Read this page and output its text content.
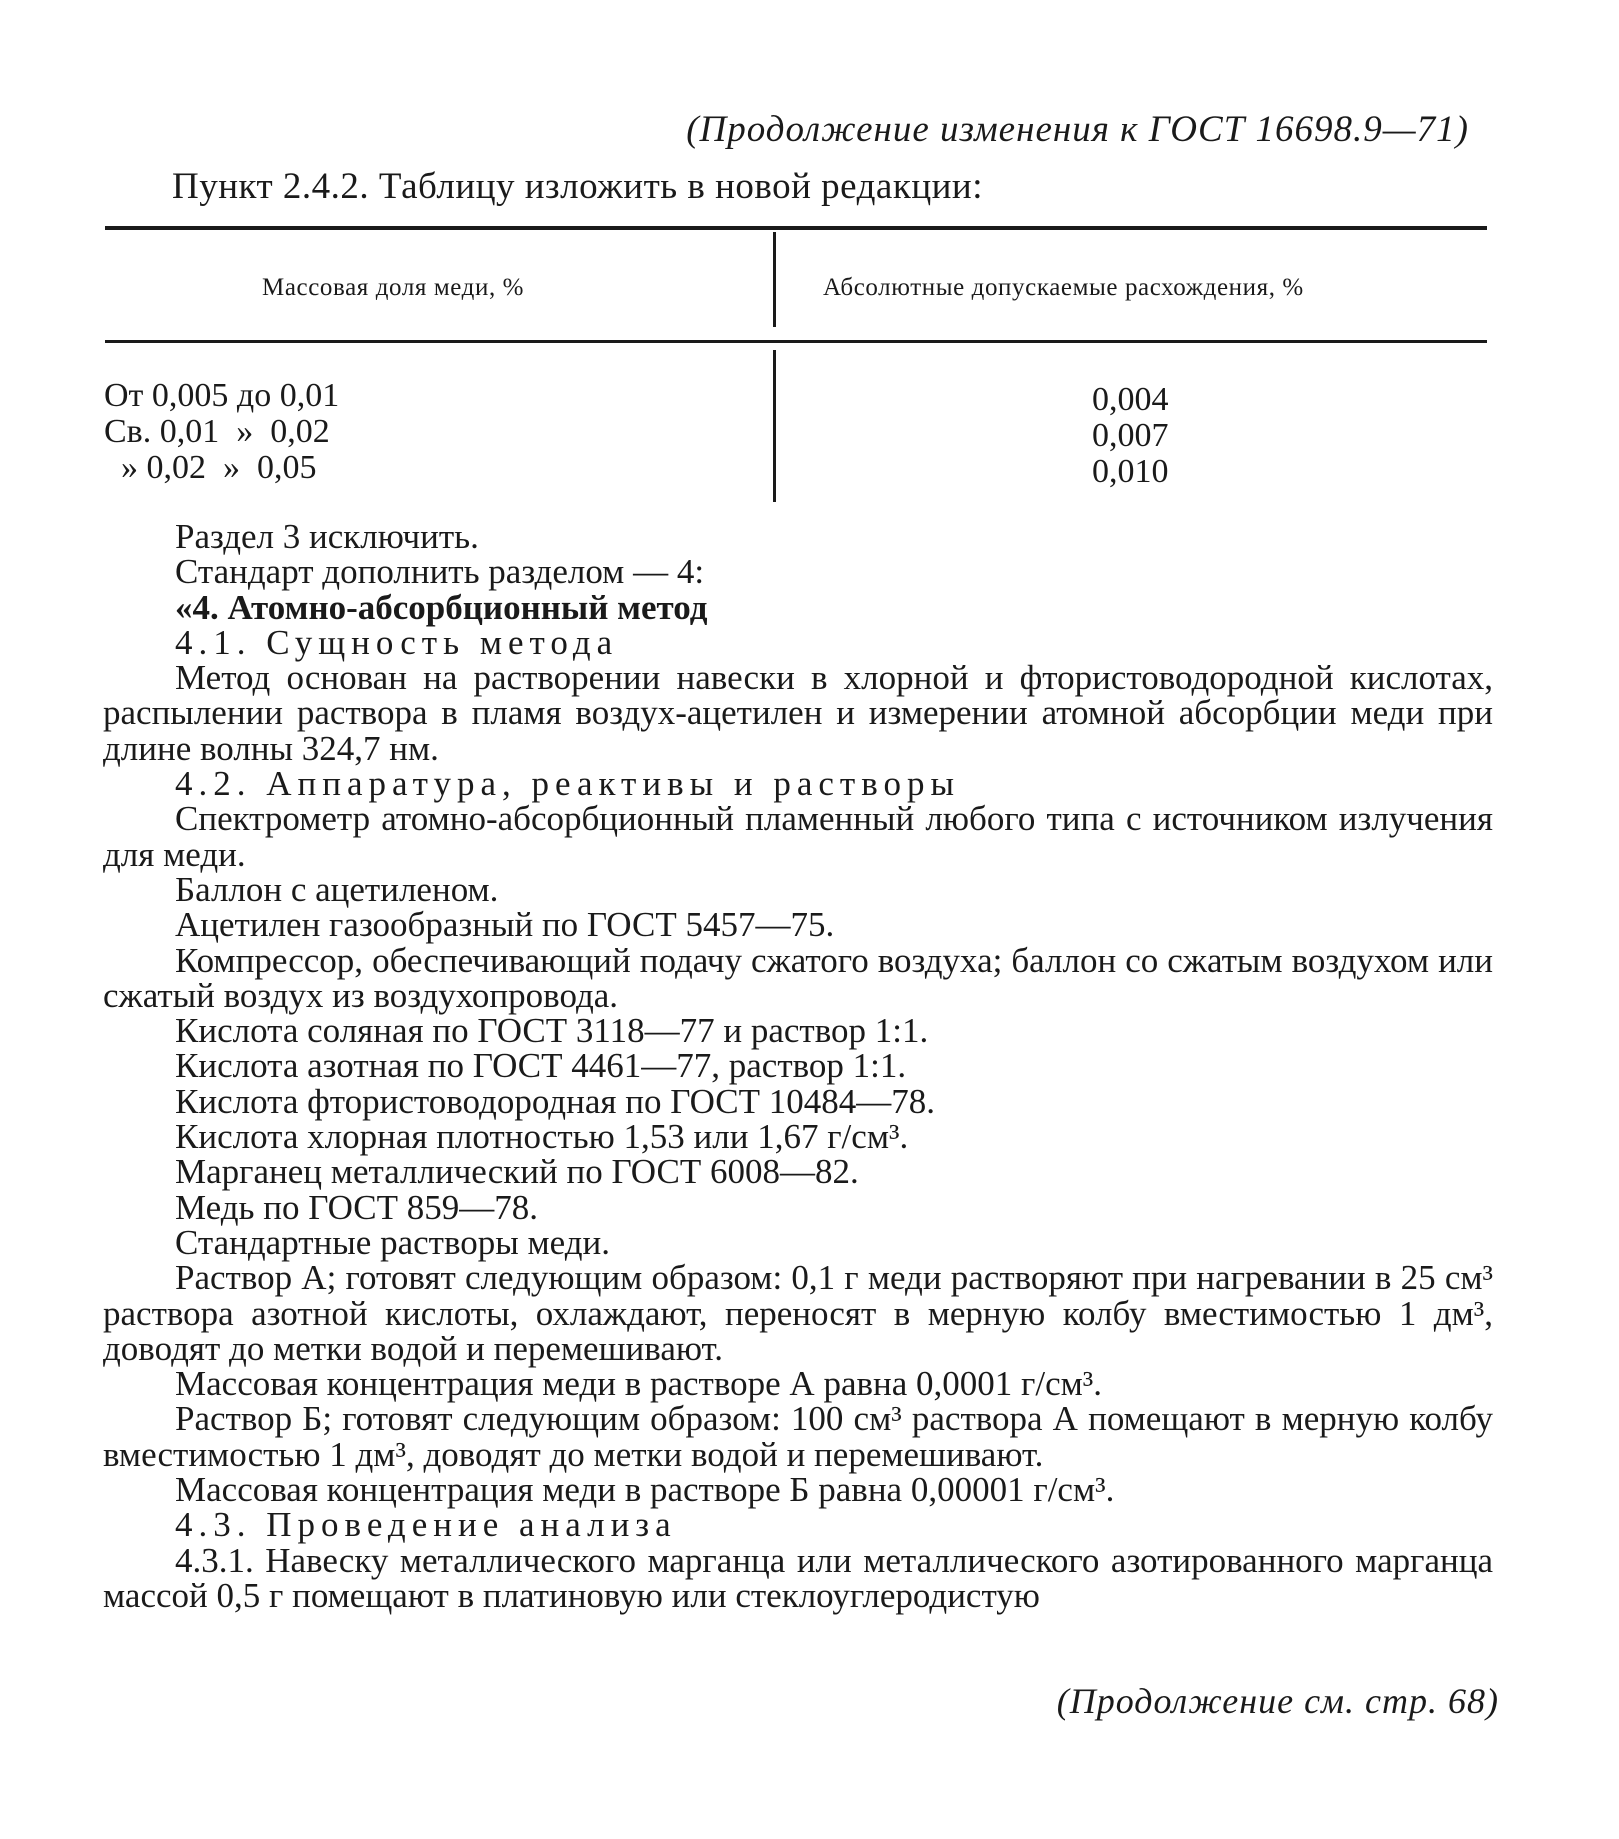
(Продолжение изменения к ГОСТ 16698.9—71)
Пункт 2.4.2. Таблицу изложить в новой редакции:
Массовая доля меди, %	Абсолютные допускаемые расхождения, %
От 0,005 до 0,01
Св. 0,01  »  0,02
» 0,02  »  0,05
0,004
0,007
0,010

Раздел 3 исключить.

Стандарт дополнить разделом — 4:

«4. Атомно-абсорбционный метод

4.1. Сущность метода

Метод основан на растворении навески в хлорной и фтористоводородной кислотах, распылении раствора в пламя воздух-ацетилен и измерении атомной абсорбции меди при длине волны 324,7 нм.

4.2. Аппаратура, реактивы и растворы

Спектрометр атомно-абсорбционный пламенный любого типа с источником излучения для меди.

Баллон с ацетиленом.

Ацетилен газообразный по ГОСТ 5457—75.

Компрессор, обеспечивающий подачу сжатого воздуха; баллон со сжатым воздухом или сжатый воздух из воздухопровода.

Кислота соляная по ГОСТ 3118—77 и раствор 1:1.

Кислота азотная по ГОСТ 4461—77, раствор 1:1.

Кислота фтористоводородная по ГОСТ 10484—78.

Кислота хлорная плотностью 1,53 или 1,67 г/см³.

Марганец металлический по ГОСТ 6008—82.

Медь по ГОСТ 859—78.

Стандартные растворы меди.

Раствор А; готовят следующим образом: 0,1 г меди растворяют при нагревании в 25 см³ раствора азотной кислоты, охлаждают, переносят в мерную колбу вместимостью 1 дм³, доводят до метки водой и перемешивают.

Массовая концентрация меди в растворе А равна 0,0001 г/см³.

Раствор Б; готовят следующим образом: 100 см³ раствора А помещают в мерную колбу вместимостью 1 дм³, доводят до метки водой и перемешивают.

Массовая концентрация меди в растворе Б равна 0,00001 г/см³.

4.3. Проведение анализа

4.3.1. Навеску металлического марганца или металлического азотированного марганца массой 0,5 г помещают в платиновую или стеклоуглеродистую

(Продолжение см. стр. 68)
